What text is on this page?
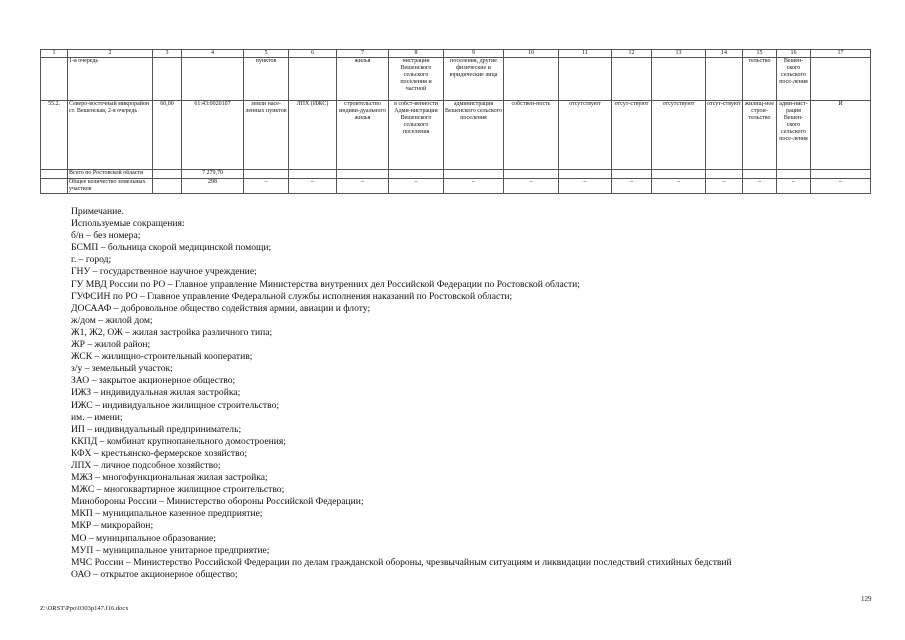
1	2	3	4	5	6	7	8	9	10	11	12	13	14	15	16	17
	1-я очередь			пунктов		жилья	нистрации Вешенского сельского поселения и частной	поселения, другие физические и юридические лица						тельство	Вешен-ского сельского посе-ления	
55.2.	Северо-восточный микрорайон ст. Вешенская, 2-я очередь	60,00	61:43:0020107	земли насе-ленных пунктов	ЛПХ (ИЖС)	строительство индиви-дуального жилья	в собст-венности Адми-нистрации Вешенского сельского поселения	администрация Вешенского сельского поселения	собствен-ность	отсутствуют	отсут-ствуют	отсутствуют	отсут-ствуют	жилищ-ное строи-тельство	адми-нист-рация Вешен-ского сельского посе-ления	И
	Всего по Ростовской области		7 279,70													
	Общее количество земельных участков		298	–	–	–	–	–	–	–	–	–	–	–	–	–
Примечание.
Используемые сокращения:
б/н – без номера;
БСМП – больница скорой медицинской помощи;
г. – город;
ГНУ – государственное научное учреждение;
ГУ МВД России по РО – Главное управление Министерства внутренних дел Российской Федерации по Ростовской области;
ГУФСИН по РО – Главное управление Федеральной службы исполнения наказаний по Ростовской области;
ДОСААФ – добровольное общество содействия армии, авиации и флоту;
ж/дом – жилой дом;
Ж1, Ж2, ОЖ – жилая застройка различного типа;
ЖР – жилой район;
ЖСК – жилищно-строительный кооператив;
з/у – земельный участок;
ЗАО – закрытое акционерное общество;
ИЖЗ – индивидуальная жилая застройка;
ИЖС – индивидуальное жилищное строительство;
им. – имени;
ИП – индивидуальный предприниматель;
ККПД – комбинат крупнопанельного домостроения;
КФХ – крестьянско-фермерское хозяйство;
ЛПХ – личное подсобное хозяйство;
МЖЗ – многофункциональная жилая застройка;
МЖС – многоквартирное жилищное строительство;
Минобороны России – Министерство обороны Российской Федерации;
МКП – муниципальное казенное предприятие;
МКР – микрорайон;
МО – муниципальное образование;
МУП – муниципальное унитарное предприятие;
МЧС России – Министерство Российской Федерации по делам гражданской обороны, чрезвычайным ситуациям и ликвидации последствий стихийных бедствий
ОАО – открытое акционерное общество;
129
Z:\ORST\Ppo\0303p147.f16.docx
